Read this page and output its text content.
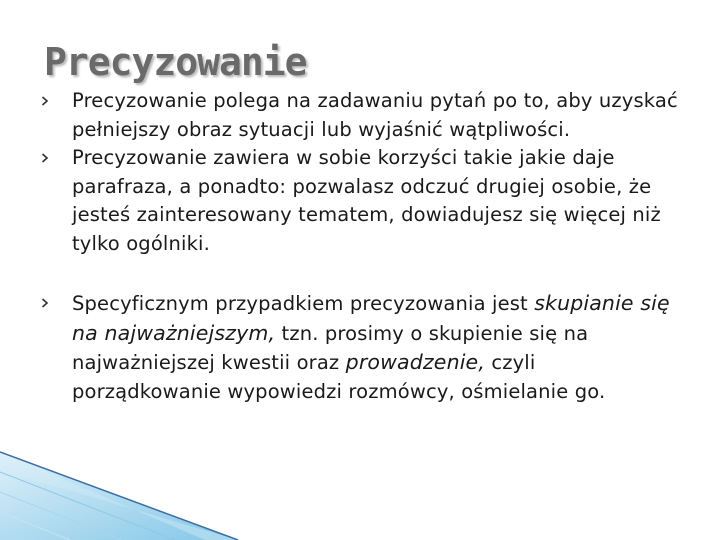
Precyzowanie
Precyzowanie polega na zadawaniu pytań po to, aby uzyskać pełniejszy obraz sytuacji lub wyjaśnić wątpliwości.
Precyzowanie zawiera w sobie korzyści takie jakie daje parafraza, a ponadto: pozwalasz odczuć drugiej osobie, że jesteś zainteresowany tematem, dowiadujesz się więcej niż tylko ogólniki.
Specyficznym przypadkiem precyzowania jest skupianie się na najważniejszym, tzn. prosimy o skupienie się na najważniejszej kwestii oraz prowadzenie, czyli porządkowanie wypowiedzi rozmówcy, ośmielanie go.
